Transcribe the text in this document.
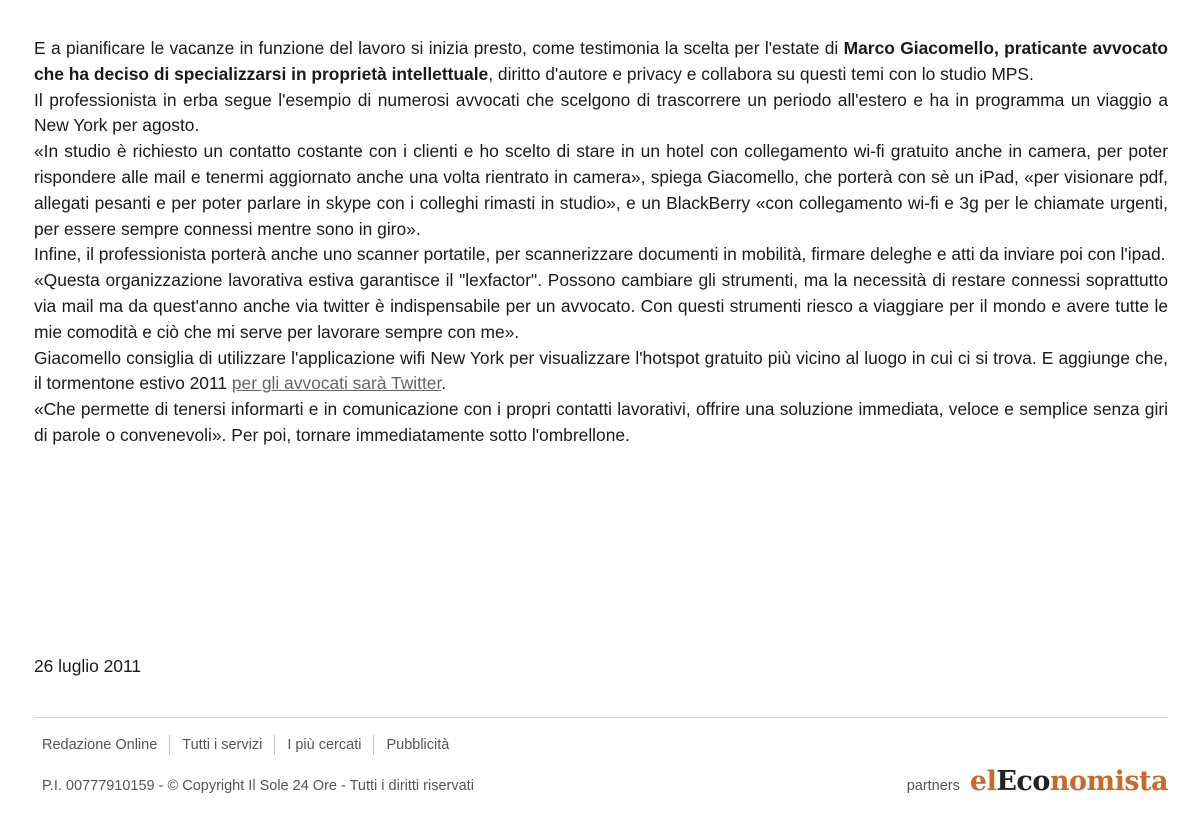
E a pianificare le vacanze in funzione del lavoro si inizia presto, come testimonia la scelta per l'estate di Marco Giacomello, praticante avvocato che ha deciso di specializzarsi in proprietà intellettuale, diritto d'autore e privacy e collabora su questi temi con lo studio MPS.

Il professionista in erba segue l'esempio di numerosi avvocati che scelgono di trascorrere un periodo all'estero e ha in programma un viaggio a New York per agosto.

«In studio è richiesto un contatto costante con i clienti e ho scelto di stare in un hotel con collegamento wi-fi gratuito anche in camera, per poter rispondere alle mail e tenermi aggiornato anche una volta rientrato in camera», spiega Giacomello, che porterà con sè un iPad, «per visionare pdf, allegati pesanti e per poter parlare in skype con i colleghi rimasti in studio», e un BlackBerry «con collegamento wi-fi e 3g per le chiamate urgenti, per essere sempre connessi mentre sono in giro».

Infine, il professionista porterà anche uno scanner portatile, per scannerizzare documenti in mobilità, firmare deleghe e atti da inviare poi con l'ipad.

«Questa organizzazione lavorativa estiva garantisce il "lexfactor". Possono cambiare gli strumenti, ma la necessità di restare connessi soprattutto via mail ma da quest'anno anche via twitter è indispensabile per un avvocato. Con questi strumenti riesco a viaggiare per il mondo e avere tutte le mie comodità e ciò che mi serve per lavorare sempre con me».

Giacomello consiglia di utilizzare l'applicazione wifi New York per visualizzare l'hotspot gratuito più vicino al luogo in cui ci si trova. E aggiunge che, il tormentone estivo 2011 per gli avvocati sarà Twitter.

«Che permette di tenersi informarti e in comunicazione con i propri contatti lavorativi, offrire una soluzione immediata, veloce e semplice senza giri di parole o convenevoli». Per poi, tornare immediatamente sotto l'ombrellone.

26 luglio 2011
Redazione Online Tutti i servizi I più cercati Pubblicità
P.I. 00777910159 - © Copyright Il Sole 24 Ore - Tutti i diritti riservati	partners elEconomista
